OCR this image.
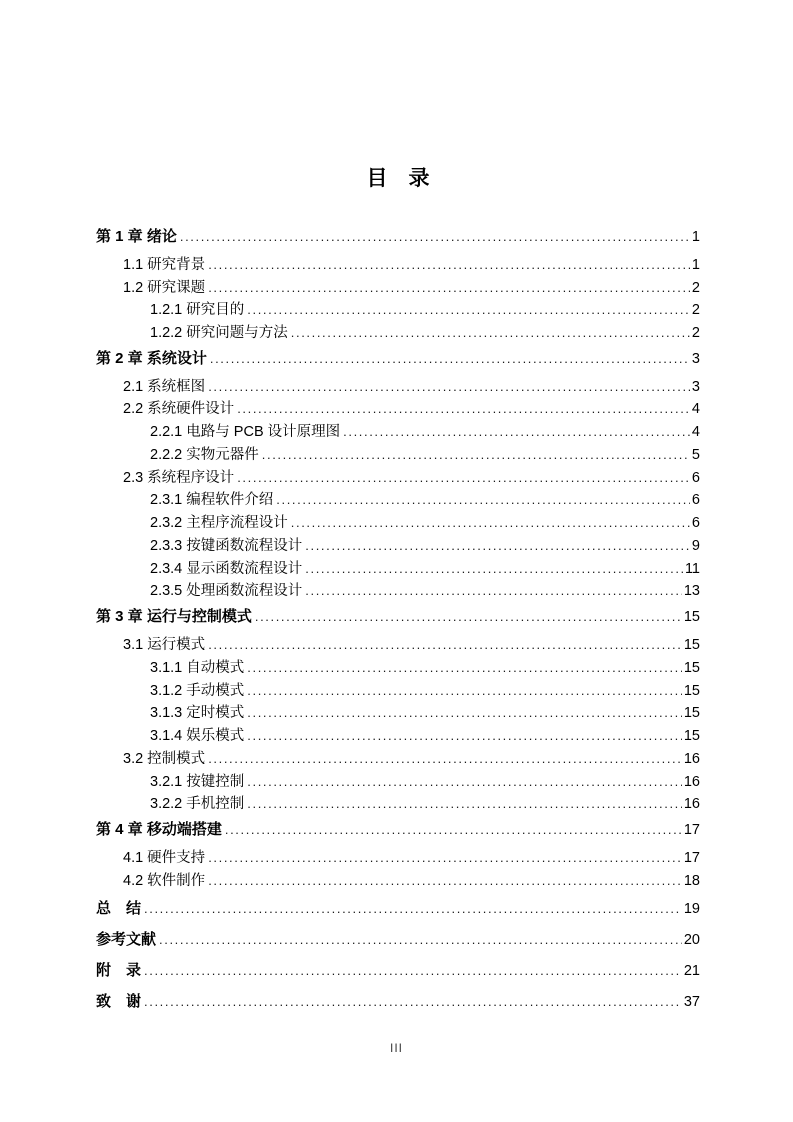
目　录
第 1 章 绪论 .....	1
1.1 研究背景 .....	1
1.2 研究课题 .....	2
1.2.1 研究目的 .....	2
1.2.2 研究问题与方法 .....	2
第 2 章 系统设计 .....	3
2.1 系统框图 .....	3
2.2 系统硬件设计 .....	4
2.2.1 电路与 PCB 设计原理图 .....	4
2.2.2 实物元器件 .....	5
2.3 系统程序设计 .....	6
2.3.1 编程软件介绍 .....	6
2.3.2 主程序流程设计 .....	6
2.3.3 按键函数流程设计 .....	9
2.3.4 显示函数流程设计 .....	11
2.3.5 处理函数流程设计 .....	13
第 3 章 运行与控制模式 .....	15
3.1 运行模式 .....	15
3.1.1 自动模式 .....	15
3.1.2 手动模式 .....	15
3.1.3 定时模式 .....	15
3.1.4 娱乐模式 .....	15
3.2 控制模式 .....	16
3.2.1 按键控制 .....	16
3.2.2 手机控制 .....	16
第 4 章 移动端搭建 .....	17
4.1 硬件支持 .....	17
4.2 软件制作 .....	18
总　结 .....	19
参考文献 .....	20
附　录 .....	21
致　谢 .....	37
III
